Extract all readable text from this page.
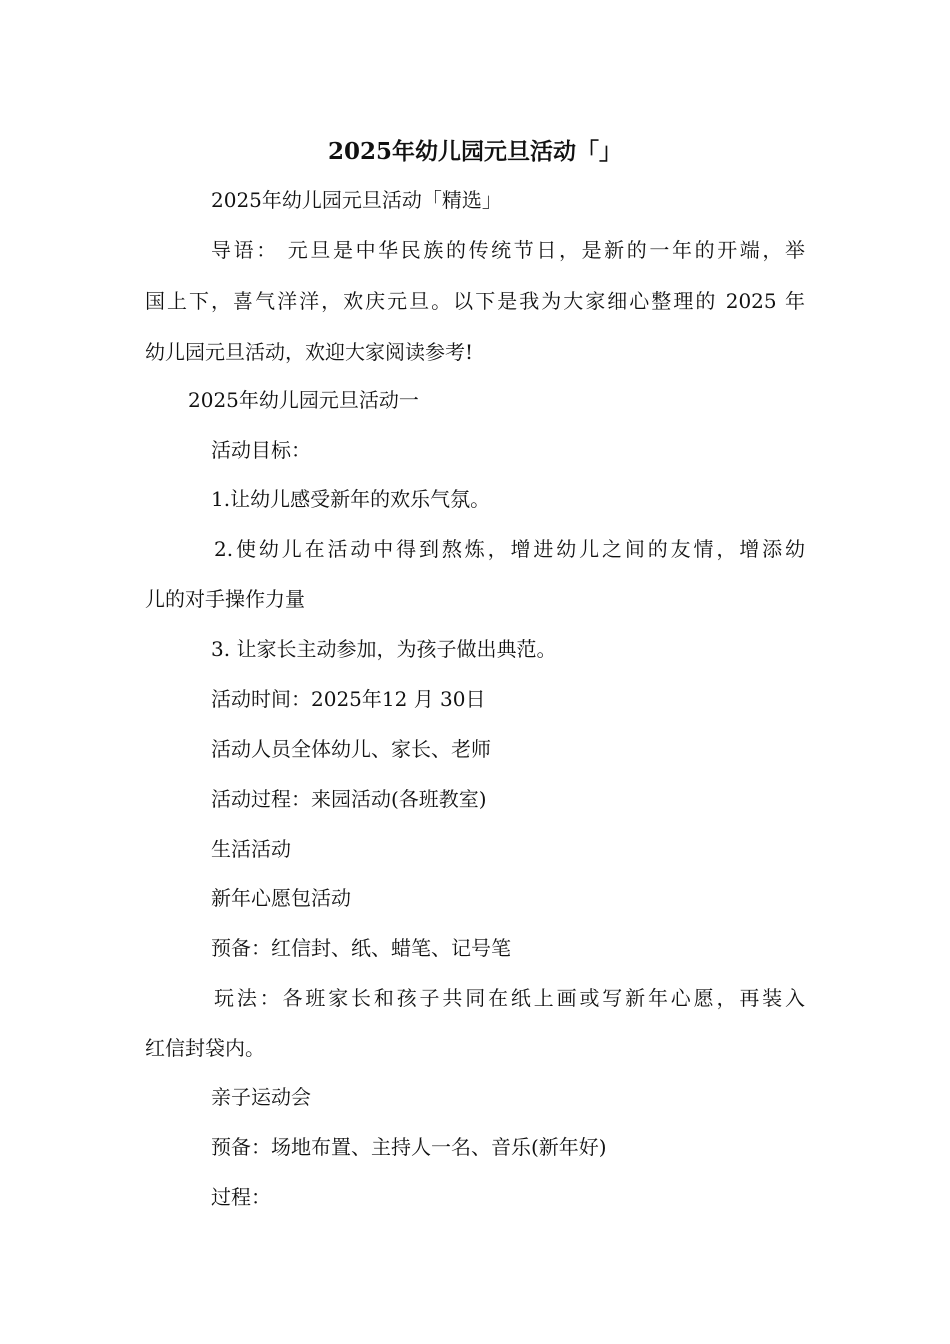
2025年幼儿园元旦活动「」
2025年幼儿园元旦活动「精选」
导语： 元旦是中华民族的传统节日，是新的一年的开端，举
国上下，喜气洋洋，欢庆元旦。以下是我为大家细心整理的 2025 年
幼儿园元旦活动，欢迎大家阅读参考!
2025年幼儿园元旦活动一
活动目标：
1.让幼儿感受新年的欢乐气氛。
2.使幼儿在活动中得到熬炼，增进幼儿之间的友情，增添幼
儿的对手操作力量
3. 让家长主动参加，为孩子做出典范。
活动时间：2025年12 月 30日
活动人员全体幼儿、家长、老师
活动过程：来园活动(各班教室)
生活活动
新年心愿包活动
预备：红信封、纸、蜡笔、记号笔
玩法：各班家长和孩子共同在纸上画或写新年心愿，再装入
红信封袋内。
亲子运动会
预备：场地布置、主持人一名、音乐(新年好)
过程：
